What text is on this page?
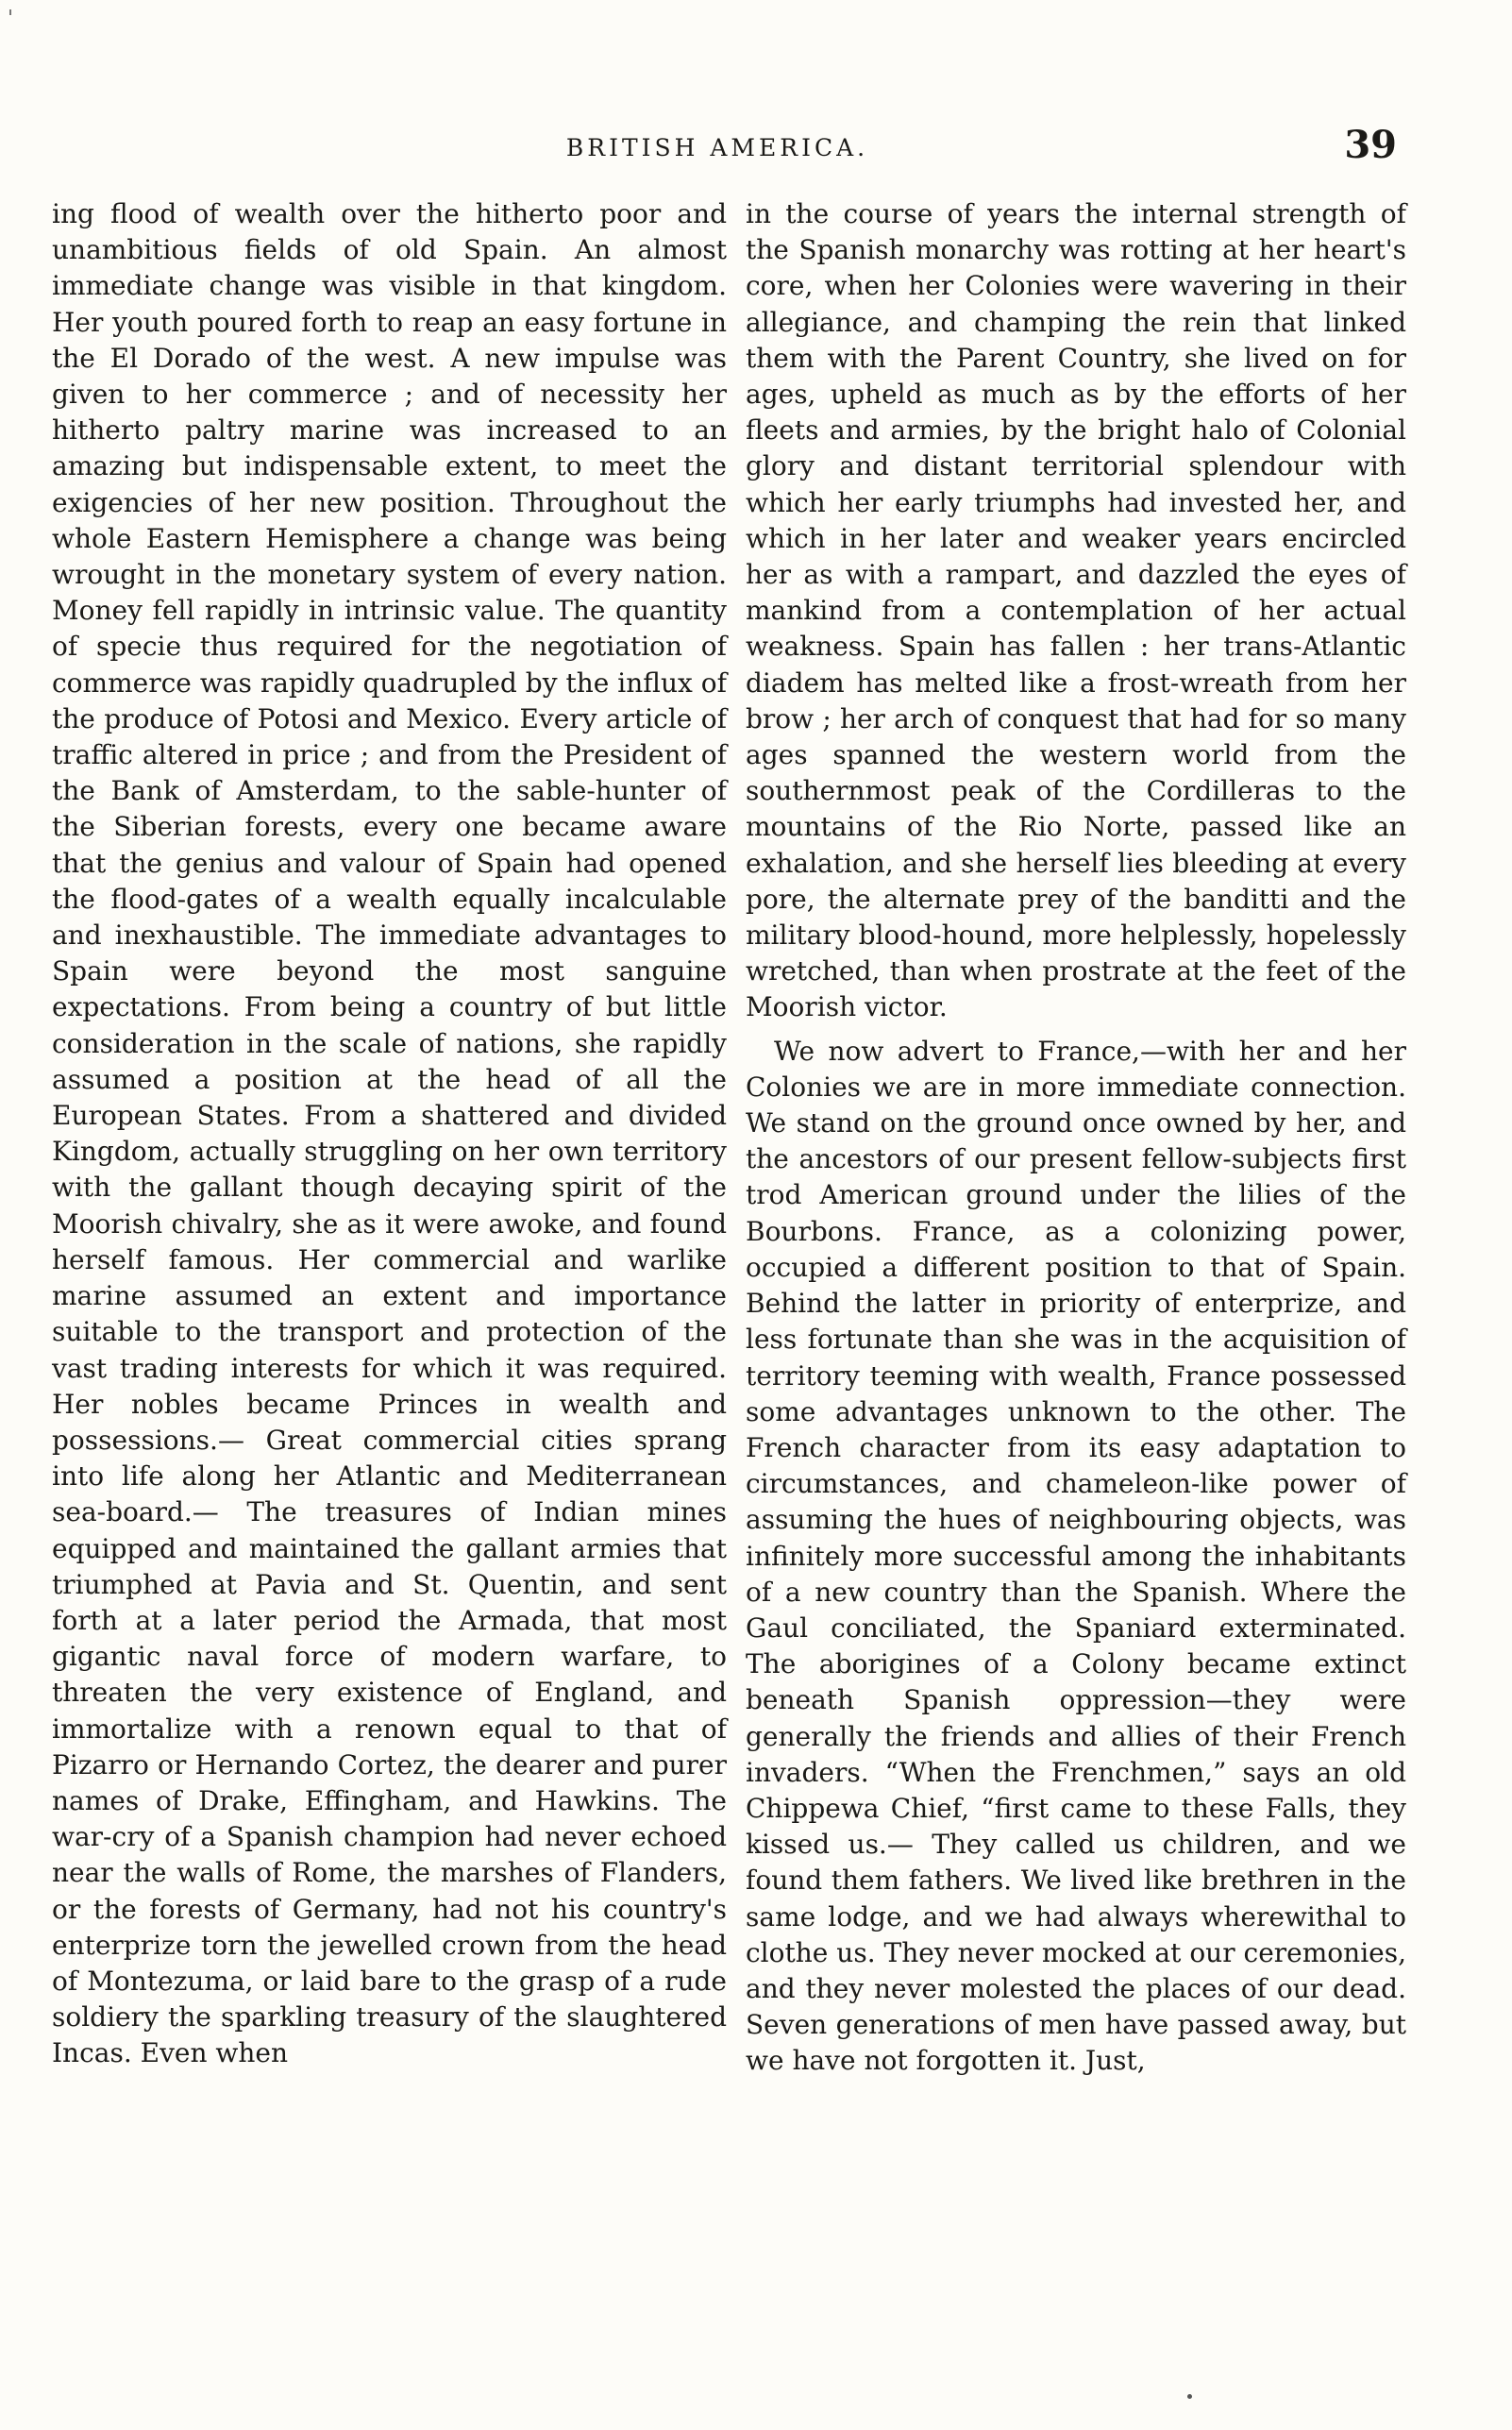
BRITISH AMERICA.	39

ing flood of wealth over the hitherto poor and unambitious fields of old Spain. An almost immediate change was visible in that kingdom. Her youth poured forth to reap an easy fortune in the El Dorado of the west. A new impulse was given to her commerce ; and of necessity her hitherto paltry marine was increased to an amazing but indispensable extent, to meet the exigencies of her new position. Throughout the whole Eastern Hemisphere a change was being wrought in the monetary system of every nation. Money fell rapidly in intrinsic value. The quantity of specie thus required for the negotiation of commerce was rapidly quadrupled by the influx of the produce of Potosi and Mexico. Every article of traffic altered in price ; and from the President of the Bank of Amsterdam, to the sable-hunter of the Siberian forests, every one became aware that the genius and valour of Spain had opened the flood-gates of a wealth equally incalculable and inexhaustible. The immediate advantages to Spain were beyond the most sanguine expectations. From being a country of but little consideration in the scale of nations, she rapidly assumed a position at the head of all the European States. From a shattered and divided Kingdom, actually struggling on her own territory with the gallant though decaying spirit of the Moorish chivalry, she as it were awoke, and found herself famous. Her commercial and warlike marine assumed an extent and importance suitable to the transport and protection of the vast trading interests for which it was required. Her nobles became Princes in wealth and possessions.— Great commercial cities sprang into life along her Atlantic and Mediterranean sea-board.— The treasures of Indian mines equipped and maintained the gallant armies that triumphed at Pavia and St. Quentin, and sent forth at a later period the Armada, that most gigantic naval force of modern warfare, to threaten the very existence of England, and immortalize with a renown equal to that of Pizarro or Hernando Cortez, the dearer and purer names of Drake, Effingham, and Hawkins. The war-cry of a Spanish champion had never echoed near the walls of Rome, the marshes of Flanders, or the forests of Germany, had not his country's enterprize torn the jewelled crown from the head of Montezuma, or laid bare to the grasp of a rude soldiery the sparkling treasury of the slaughtered Incas. Even when

in the course of years the internal strength of the Spanish monarchy was rotting at her heart's core, when her Colonies were wavering in their allegiance, and champing the rein that linked them with the Parent Country, she lived on for ages, upheld as much as by the efforts of her fleets and armies, by the bright halo of Colonial glory and distant territorial splendour with which her early triumphs had invested her, and which in her later and weaker years encircled her as with a rampart, and dazzled the eyes of mankind from a contemplation of her actual weakness. Spain has fallen : her trans-Atlantic diadem has melted like a frost-wreath from her brow ; her arch of conquest that had for so many ages spanned the western world from the southernmost peak of the Cordilleras to the mountains of the Rio Norte, passed like an exhalation, and she herself lies bleeding at every pore, the alternate prey of the banditti and the military blood-hound, more helplessly, hopelessly wretched, than when prostrate at the feet of the Moorish victor.

We now advert to France,—with her and her Colonies we are in more immediate connection. We stand on the ground once owned by her, and the ancestors of our present fellow-subjects first trod American ground under the lilies of the Bourbons. France, as a colonizing power, occupied a different position to that of Spain. Behind the latter in priority of enterprize, and less fortunate than she was in the acquisition of territory teeming with wealth, France possessed some advantages unknown to the other. The French character from its easy adaptation to circumstances, and chameleon-like power of assuming the hues of neighbouring objects, was infinitely more successful among the inhabitants of a new country than the Spanish. Where the Gaul conciliated, the Spaniard exterminated. The aborigines of a Colony became extinct beneath Spanish oppression—they were generally the friends and allies of their French invaders. “When the Frenchmen,” says an old Chippewa Chief, “first came to these Falls, they kissed us.— They called us children, and we found them fathers. We lived like brethren in the same lodge, and we had always wherewithal to clothe us. They never mocked at our ceremonies, and they never molested the places of our dead. Seven generations of men have passed away, but we have not forgotten it. Just,
